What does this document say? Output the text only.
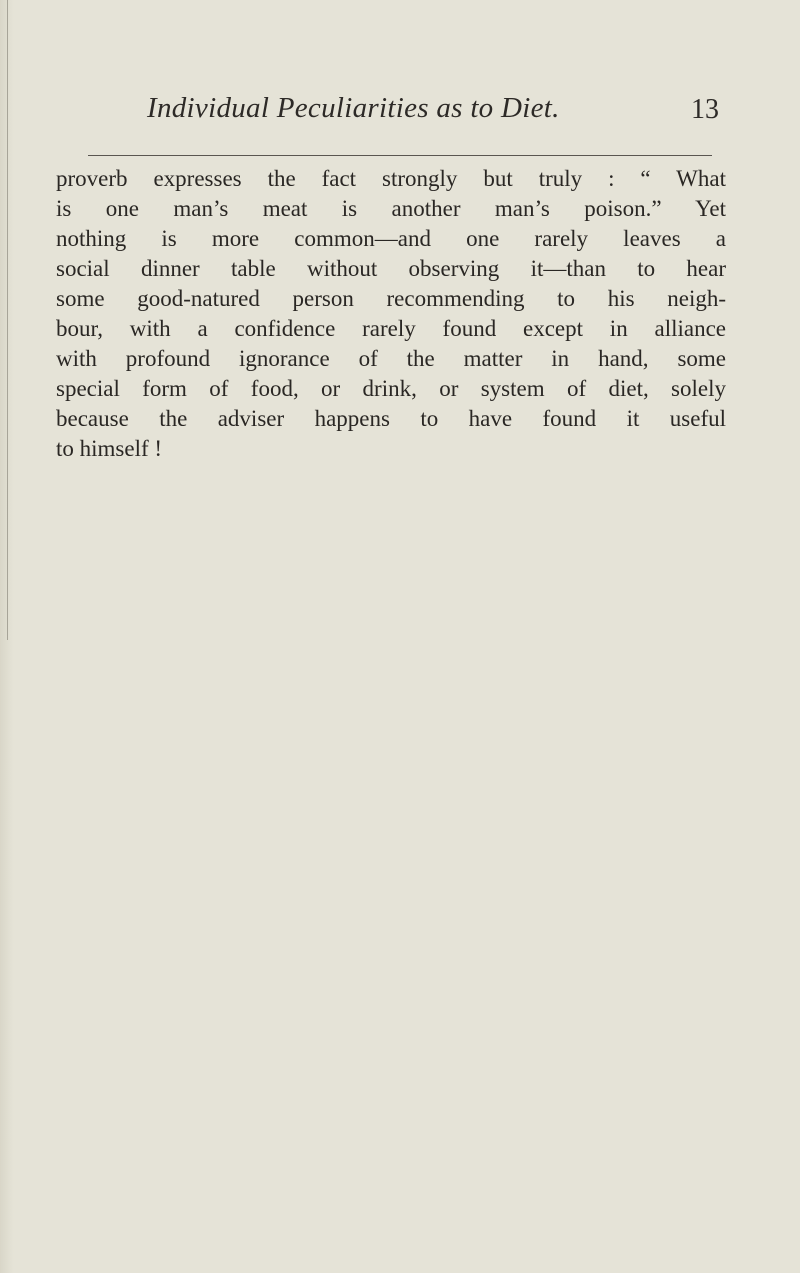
Individual Peculiarities as to Diet.	13
proverb expresses the fact strongly but truly : “ What
is one man’s meat is another man’s poison.” Yet
nothing is more common—and one rarely leaves a
social dinner table without observing it—than to hear
some good-natured person recommending to his neigh-
bour, with a confidence rarely found except in alliance
with profound ignorance of the matter in hand, some
special form of food, or drink, or system of diet, solely
because the adviser happens to have found it useful
to himself !
